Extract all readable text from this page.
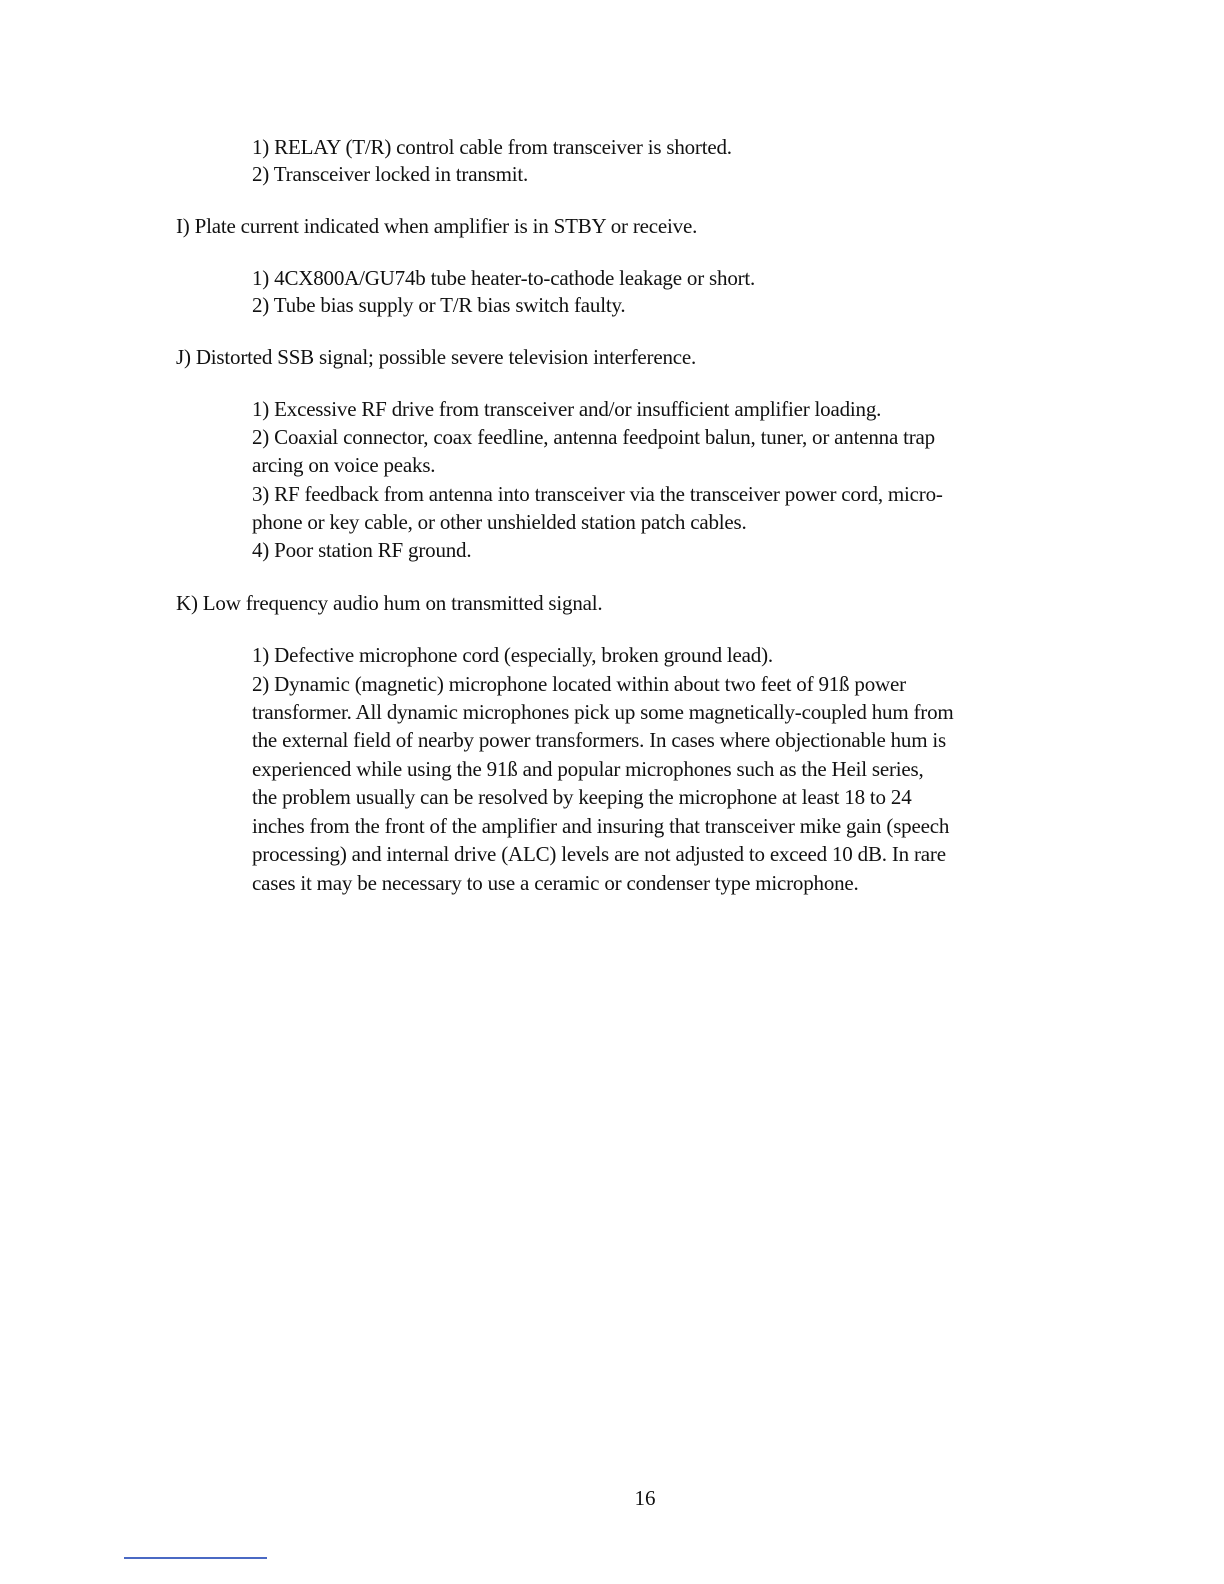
1) RELAY (T/R) control cable from transceiver is shorted.
2) Transceiver locked in transmit.
I) Plate current indicated when amplifier is in STBY or receive.
1) 4CX800A/GU74b tube heater-to-cathode leakage or short.
2) Tube bias supply or T/R bias switch faulty.
J) Distorted SSB signal; possible severe television interference.
1) Excessive RF drive from transceiver and/or insufficient amplifier loading.
2) Coaxial connector, coax feedline, antenna feedpoint balun, tuner, or antenna trap
arcing on voice peaks.
3) RF feedback from antenna into transceiver via the transceiver power cord, micro-
phone or key cable, or other unshielded station patch cables.
4) Poor station RF ground.
K) Low frequency audio hum on transmitted signal.
1) Defective microphone cord (especially, broken ground lead).
2) Dynamic (magnetic) microphone located within about two feet of 91ß power
transformer. All dynamic microphones pick up some magnetically-coupled hum from
the external field of nearby power transformers. In cases where objectionable hum is
experienced while using the 91ß and popular microphones such as the Heil series,
the problem usually can be resolved by keeping the microphone at least 18 to 24
inches from the front of the amplifier and insuring that transceiver mike gain (speech
processing) and internal drive (ALC) levels are not adjusted to exceed 10 dB. In rare
cases it may be necessary to use a ceramic or condenser type microphone.
16
